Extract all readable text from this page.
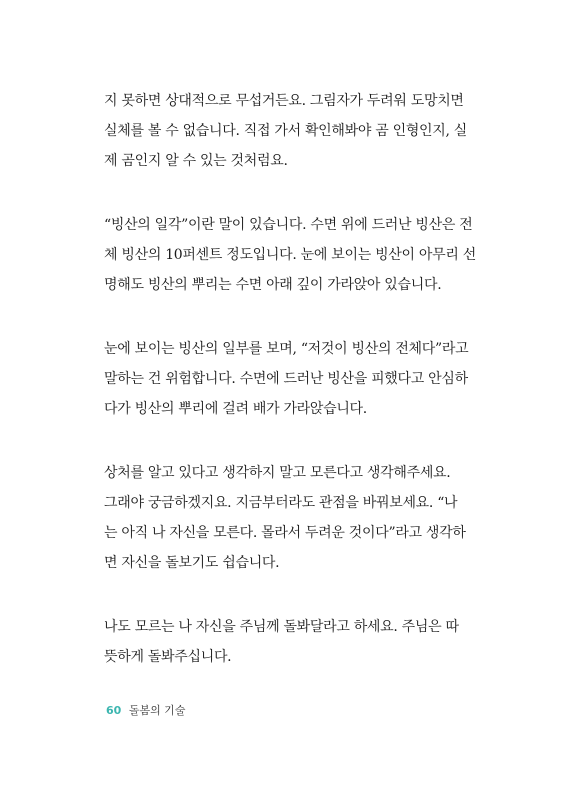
지 못하면 상대적으로 무섭거든요. 그림자가 두려워 도망치면
실체를 볼 수 없습니다. 직접 가서 확인해봐야 곰 인형인지, 실
제 곰인지 알 수 있는 것처럼요.

“빙산의 일각”이란 말이 있습니다. 수면 위에 드러난 빙산은 전
체 빙산의 10퍼센트 정도입니다. 눈에 보이는 빙산이 아무리 선
명해도 빙산의 뿌리는 수면 아래 깊이 가라앉아 있습니다.

눈에 보이는 빙산의 일부를 보며, “저것이 빙산의 전체다”라고
말하는 건 위험합니다. 수면에 드러난 빙산을 피했다고 안심하
다가 빙산의 뿌리에 걸려 배가 가라앉습니다.

상처를 알고 있다고 생각하지 말고 모른다고 생각해주세요.
그래야 궁금하겠지요. 지금부터라도 관점을 바꿔보세요. “나
는 아직 나 자신을 모른다. 몰라서 두려운 것이다”라고 생각하
면 자신을 돌보기도 쉽습니다.

나도 모르는 나 자신을 주님께 돌봐달라고 하세요. 주님은 따
뜻하게 돌봐주십니다.

60 돌봄의 기술
